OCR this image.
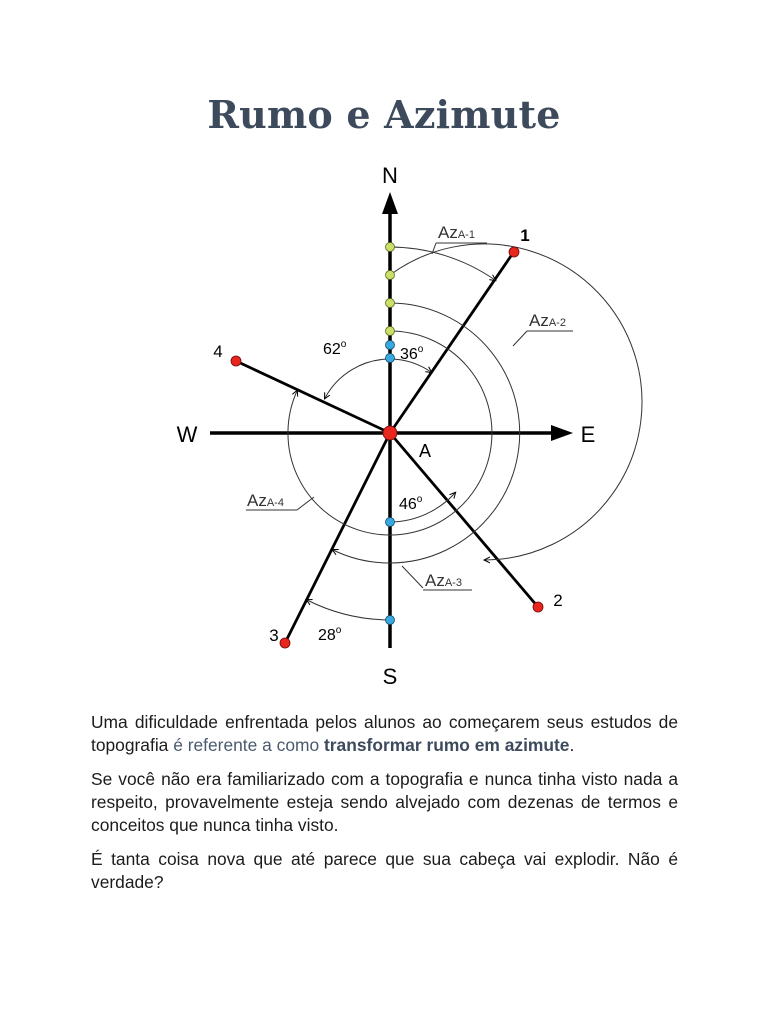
Rumo e Azimute
N
S
E
W
A
1
2
3
4	36$^o$
62$^o$
46$^o$
28$^o$
AzA-1
AzA-2
AzA-3
AzA-4

Uma dificuldade enfrentada pelos alunos ao começarem seus estudos de topografia é referente a como transformar rumo em azimute.

Se você não era familiarizado com a topografia e nunca tinha visto nada a respeito, provavelmente esteja sendo alvejado com dezenas de termos e conceitos que nunca tinha visto.

É tanta coisa nova que até parece que sua cabeça vai explodir. Não é verdade?
